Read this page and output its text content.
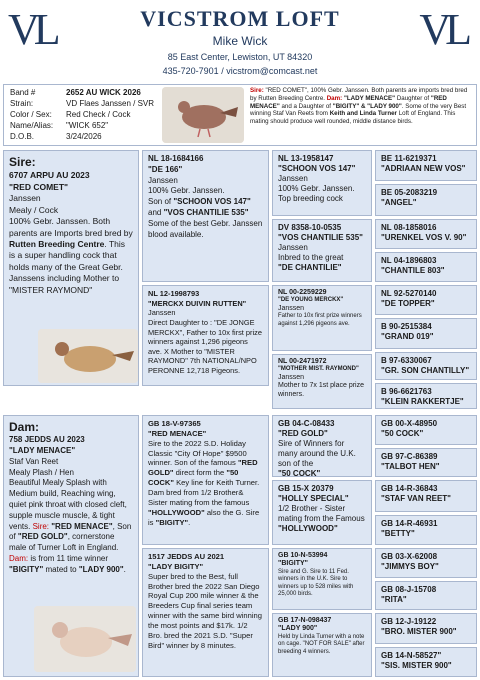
VL	VL
VICSTROM LOFT
Mike Wick
85 East Center, Lewiston, UT 84320
435-720-7901 / vicstrom@comcast.net
Band #	2652 AU WICK 2026
Strain:	VD Flaes Janssen / SVR
Color / Sex: Red Check / Cock
Name/Alias: "WICK 652"
D.O.B.	3/24/2026
Sire: "RED COMET", 100% Gebr. Janssen. Both parents are imports bred bred by Rutten Breeding Centre. Dam: "LADY MENACE" Daughter of "RED MENACE" and a Daughter of "BIGITY" & "LADY 900". Some of the very Best winning Staf Van Reets from Keith and Linda Turner Loft of England. This mating should produce well rounded, middle distance birds.
Sire:
6707 ARPU AU 2023
"RED COMET"
Janssen
Mealy / Cock
100% Gebr. Janssen. Both parents are Imports bred bred by Rutten Breeding Centre. This is a super handling cock that holds many of the Great Gebr. Janssens including Mother to "MISTER RAYMOND"
NL 18-1684166
"DE 166"
Janssen
100% Gebr. Janssen.
Son of "SCHOON VOS 147"
and "VOS CHANTILIE 535"
Some of the best Gebr. Janssen blood available.
NL 12-1998793
"MERCKX DUIVIN RUTTEN"
Janssen
Direct Daughter to : "DE JONGE MERCKX", Father to 10x first prize winners against 1,296 pigeons ave. X Mother to "MISTER RAYMOND" 7th NATIONAL/NPO PERONNE 12,718 Pigeons.
NL 13-1958147
"SCHOON VOS 147"
Janssen
100% Gebr. Janssen.
Top breeding cock
DV 8358-10-0535
"VOS CHANTILIE 535"
Janssen
Inbred to the great
"DE CHANTILIE"
NL 00-2259229
"DE YOUNG MERCKX"
Janssen
Father to 10x first prize winners against 1,296 pigeons ave.
NL 00-2471972
"MOTHER MIST. RAYMOND"
Janssen
Mother to 7x 1st place prize winners.
BE 11-6219371
"ADRIAAN NEW VOS"
BE 05-2083219
"ANGEL"
NL 08-1858016
"URENKEL VOS V. 90"
NL 04-1896803
"CHANTILE 803"
NL 92-5270140
"DE TOPPER"
B 90-2515384
"GRAND 019"
B 97-6330067
"GR. SON CHANTILLY"
B 96-6621763
"KLEIN RAKKERTJE"
Dam:
758 JEDDS AU 2023
"LADY MENACE"
Staf Van Reet
Mealy Plash / Hen
Beautiful Mealy Splash with Medium build, Reaching wing, quiet pink throat with closed cleft, supple muscle muscle, & tight vents. Sire: "RED MENACE", Son of "RED GOLD", cornerstone male of Turner Loft in England. Dam: is from 11 time winner "BIGITY" mated to "LADY 900".
GB 18-V-97365
"RED MENACE"
Sire to the 2022 S.D. Holiday Classic "City Of Hope" $9500 winner. Son of the famous "RED GOLD" direct form the "50 COCK" Key line for Keith Turner. Dam bred from 1/2 Brother& Sister mating from the famous "HOLLYWOOD" also the G. Sire is "BIGITY".
1517 JEDDS AU 2021
"LADY BIGITY"
Super bred to the Best, full Brother bred the 2022 San Diego Royal Cup 200 mile winner & the Breeders Cup final series team winner with the same bird winning the most points and $17k. 1/2 Bro. bred the 2021 S.D. "Super Bird" winner by 8 minutes.
GB 04-C-08433
"RED GOLD"
Sire of Winners for many around the U.K. son of the
"50 COCK"
GB 15-X 20379
"HOLLY SPECIAL"
1/2 Brother - Sister mating from the Famous
"HOLLYWOOD"
GB 10-N-53994
"BIGITY"
Sire and G. Sire to 11 Fed. winners in the U.K. Sire to winners up to 528 miles with 25,000 birds.
GB 17-N-098437
"LADY 900"
Held by Linda Turner with a note on cage. "NOT FOR SALE" after breeding 4 winners.
GB 00-X-48950
"50 COCK"
GB 97-C-86389
"TALBOT HEN"
GB 14-R-36843
"STAF VAN REET"
GB 14-R-46931
"BETTY"
GB 03-X-62008
"JIMMYS BOY"
GB 08-J-15708
"RITA"
GB 12-J-19122
"BRO. MISTER 900"
GB 14-N-58527"
"SIS. MISTER 900"
